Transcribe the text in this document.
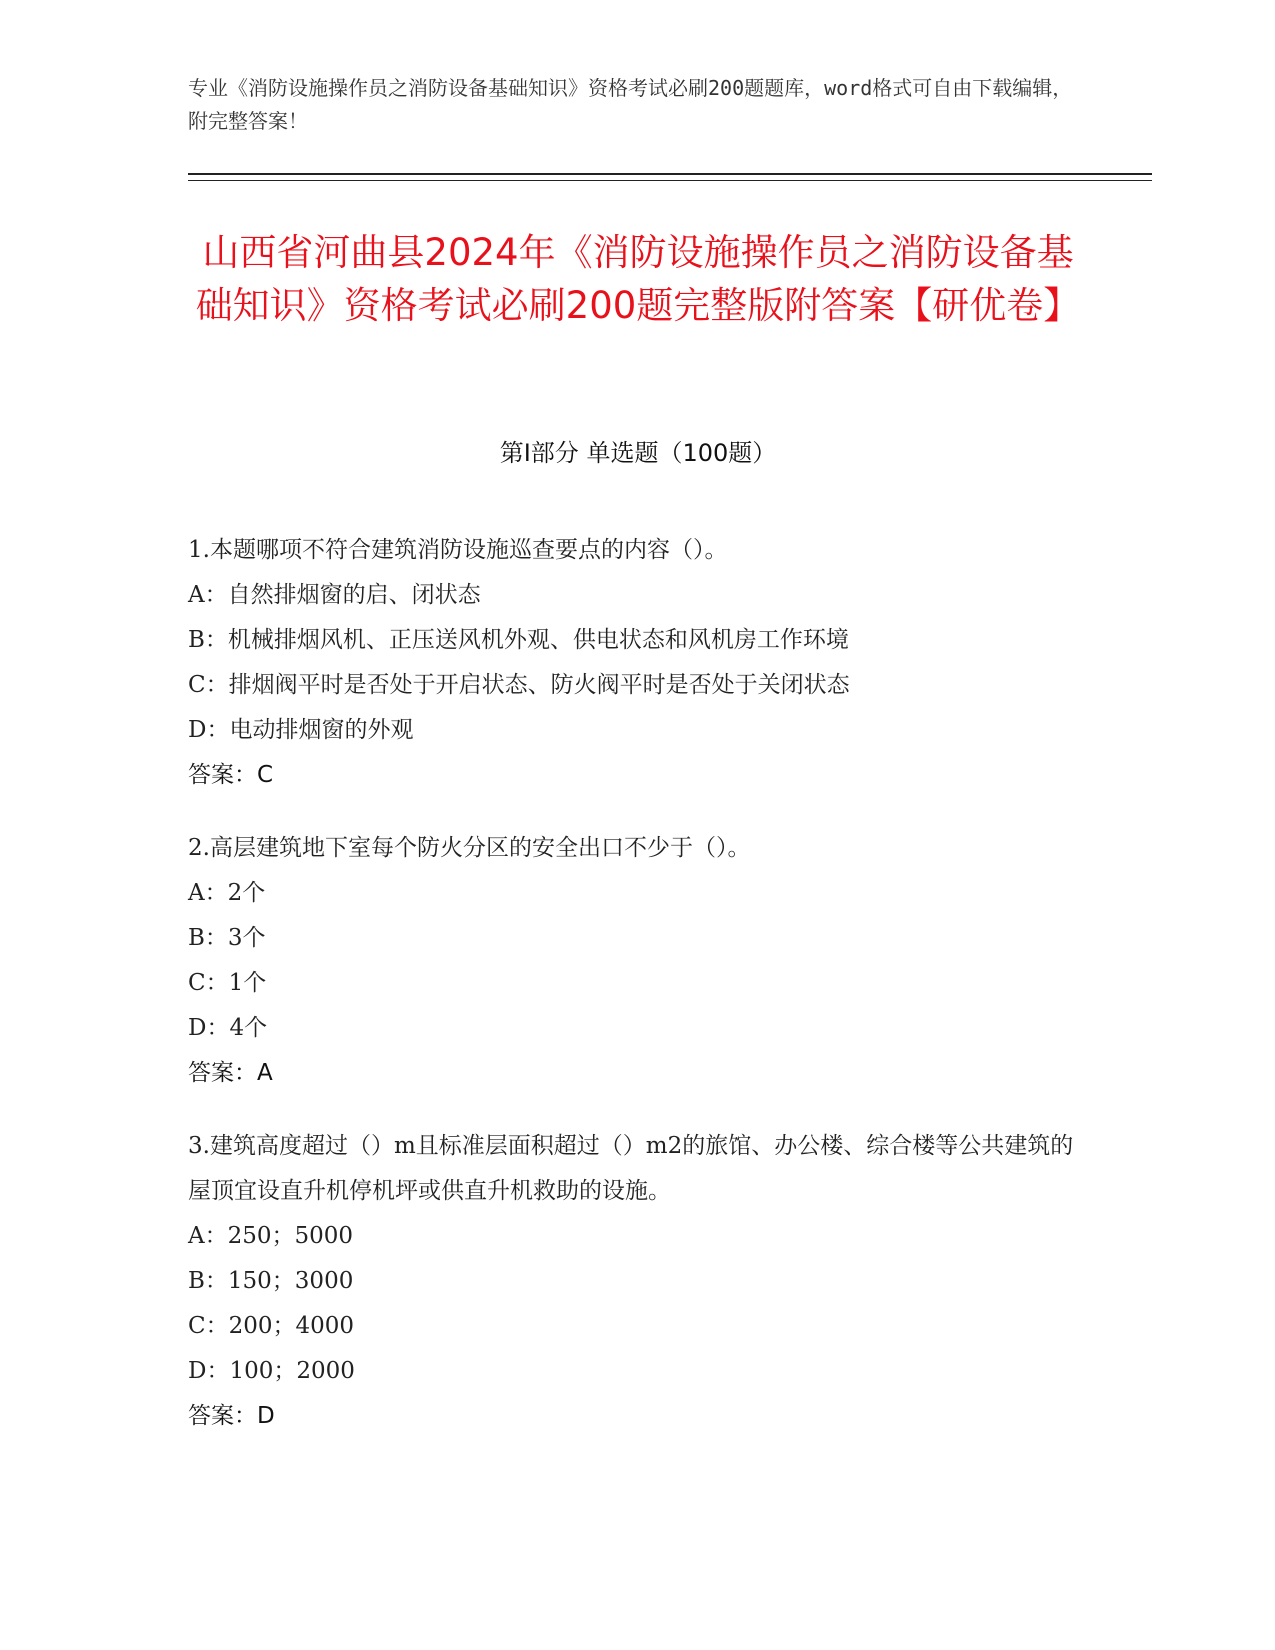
专业《消防设施操作员之消防设备基础知识》资格考试必刷200题题库，word格式可自由下载编辑，附完整答案！
山西省河曲县2024年《消防设施操作员之消防设备基础知识》资格考试必刷200题完整版附答案【研优卷】
第Ⅰ部分 单选题（100题）

1.本题哪项不符合建筑消防设施巡查要点的内容（）。

A：自然排烟窗的启、闭状态

B：机械排烟风机、正压送风机外观、供电状态和风机房工作环境

C：排烟阀平时是否处于开启状态、防火阀平时是否处于关闭状态

D：电动排烟窗的外观

答案：C

2.高层建筑地下室每个防火分区的安全出口不少于（）。

A：2个

B：3个

C：1个

D：4个

答案：A

3.建筑高度超过（）m且标准层面积超过（）m2的旅馆、办公楼、综合楼等公共建筑的屋顶宜设直升机停机坪或供直升机救助的设施。

A：250；5000

B：150；3000

C：200；4000

D：100；2000

答案：D
